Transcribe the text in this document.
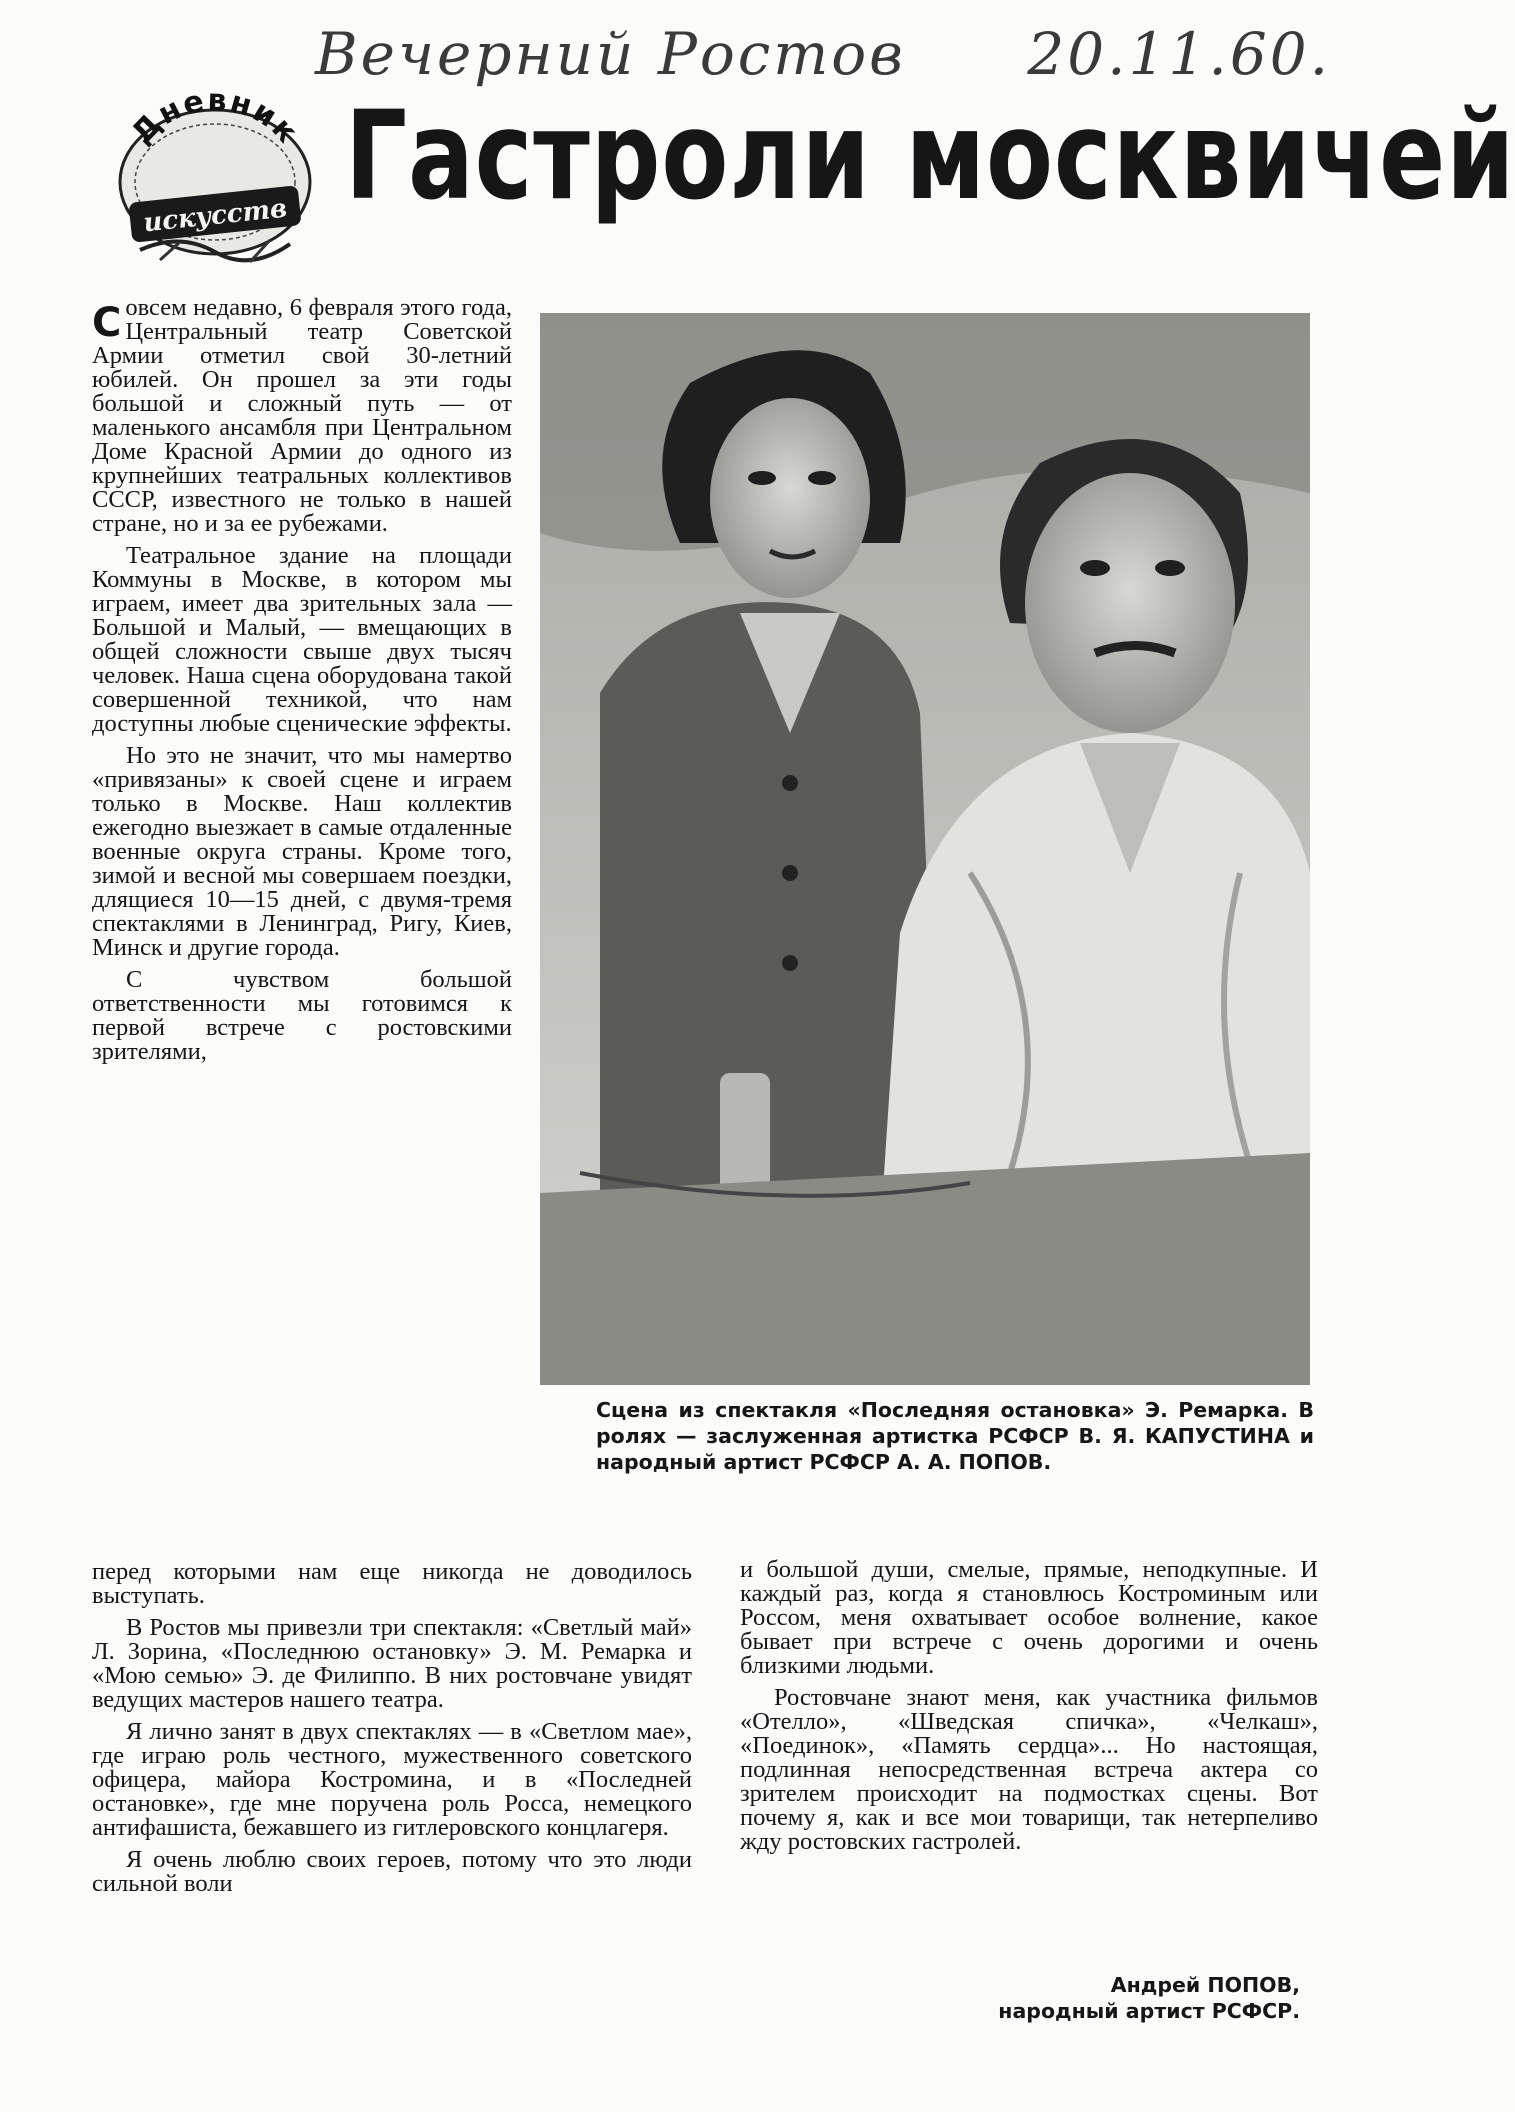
Вечерний Ростов 20.11.60.
Дневник
искусств Гастроли москвичей

Совсем недавно, 6 февраля этого года, Центральный театр Советской Армии отметил свой 30-летний юбилей. Он прошел за эти годы большой и сложный путь — от маленького ансамбля при Центральном Доме Красной Армии до одного из крупнейших театральных коллективов СССР, известного не только в нашей стране, но и за ее рубежами.

Театральное здание на площади Коммуны в Москве, в котором мы играем, имеет два зрительных зала — Большой и Малый, — вмещающих в общей сложности свыше двух тысяч человек. Наша сцена оборудована такой совершенной техникой, что нам доступны любые сценические эффекты.

Но это не значит, что мы намертво «привязаны» к своей сцене и играем только в Москве. Наш коллектив ежегодно выезжает в самые отдаленные военные округа страны. Кроме того, зимой и весной мы совершаем поездки, длящиеся 10—15 дней, с двумя-тремя спектаклями в Ленинград, Ригу, Киев, Минск и другие города.

С чувством большой ответственности мы готовимся к первой встрече с ростовскими зрителями,

Сцена из спектакля «Последняя остановка» Э. Ремарка. В ролях — заслуженная артистка РСФСР В. Я. КАПУСТИНА и народный артист РСФСР А. А. ПОПОВ.

перед которыми нам еще никогда не доводилось выступать.

В Ростов мы привезли три спектакля: «Светлый май» Л. Зорина, «Последнюю остановку» Э. М. Ремарка и «Мою семью» Э. де Филиппо. В них ростовчане увидят ведущих мастеров нашего театра.

Я лично занят в двух спектаклях — в «Светлом мае», где играю роль честного, мужественного советского офицера, майора Костромина, и в «Последней остановке», где мне поручена роль Росса, немецкого антифашиста, бежавшего из гитлеровского концлагеря.

Я очень люблю своих героев, потому что это люди сильной воли

и большой души, смелые, прямые, неподкупные. И каждый раз, когда я становлюсь Костроминым или Россом, меня охватывает особое волнение, какое бывает при встрече с очень дорогими и очень близкими людьми.

Ростовчане знают меня, как участника фильмов «Отелло», «Шведская спичка», «Челкаш», «Поединок», «Память сердца»... Но настоящая, подлинная непосредственная встреча актера со зрителем происходит на подмостках сцены. Вот почему я, как и все мои товарищи, так нетерпеливо жду ростовских гастролей.

Андрей ПОПОВ,
народный артист РСФСР.
